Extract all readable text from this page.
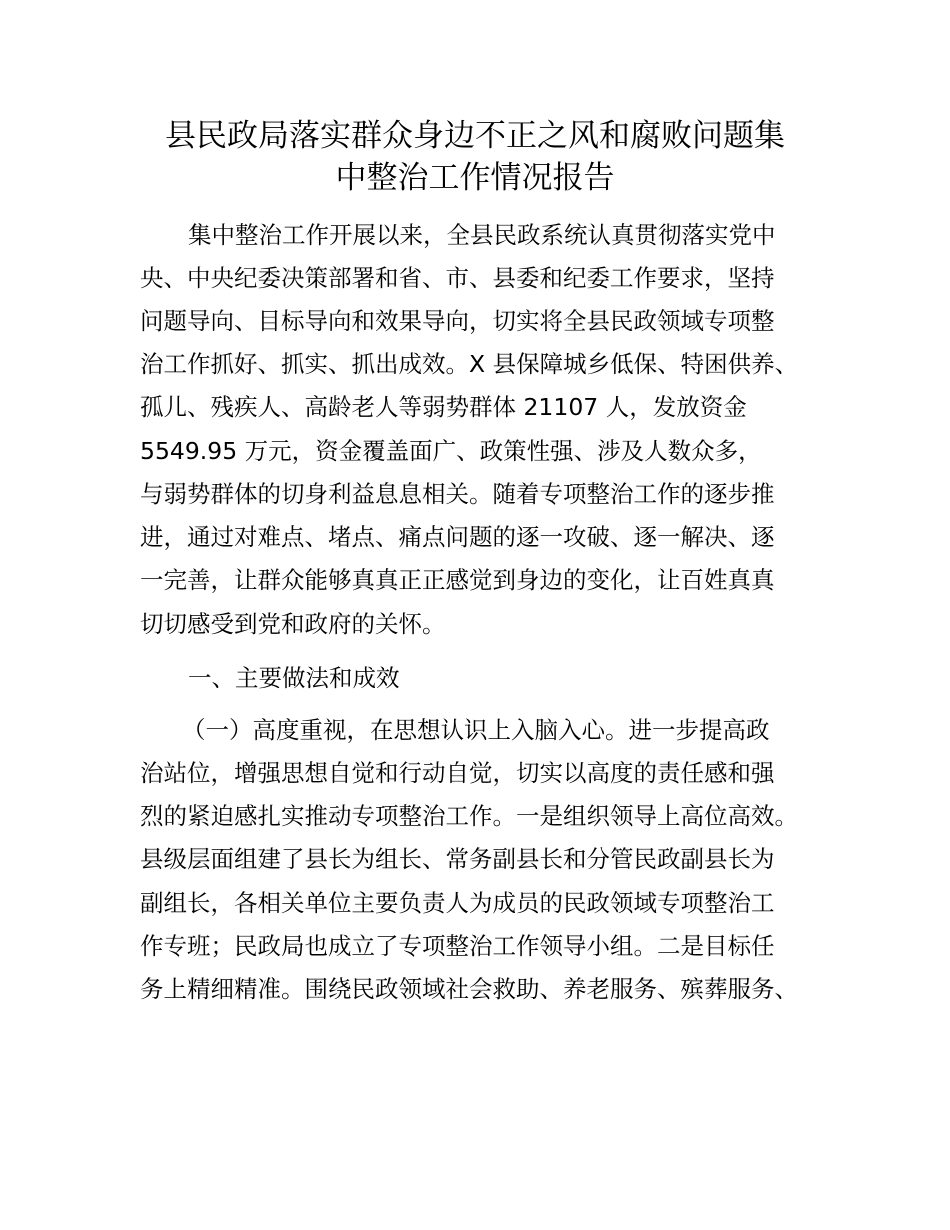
县民政局落实群众身边不正之风和腐败问题集
中整治工作情况报告

集中整治工作开展以来，全县民政系统认真贯彻落实党中

央、中央纪委决策部署和省、市、县委和纪委工作要求，坚持

问题导向、目标导向和效果导向，切实将全县民政领域专项整

治工作抓好、抓实、抓出成效。X 县保障城乡低保、特困供养、

孤儿、残疾人、高龄老人等弱势群体 21107 人，发放资金

5549.95 万元，资金覆盖面广、政策性强、涉及人数众多，

与弱势群体的切身利益息息相关。随着专项整治工作的逐步推

进，通过对难点、堵点、痛点问题的逐一攻破、逐一解决、逐

一完善，让群众能够真真正正感觉到身边的变化，让百姓真真

切切感受到党和政府的关怀。

一、主要做法和成效

（一）高度重视，在思想认识上入脑入心。进一步提高政

治站位，增强思想自觉和行动自觉，切实以高度的责任感和强

烈的紧迫感扎实推动专项整治工作。一是组织领导上高位高效。

县级层面组建了县长为组长、常务副县长和分管民政副县长为

副组长，各相关单位主要负责人为成员的民政领域专项整治工

作专班；民政局也成立了专项整治工作领导小组。二是目标任

务上精细精准。围绕民政领域社会救助、养老服务、殡葬服务、
